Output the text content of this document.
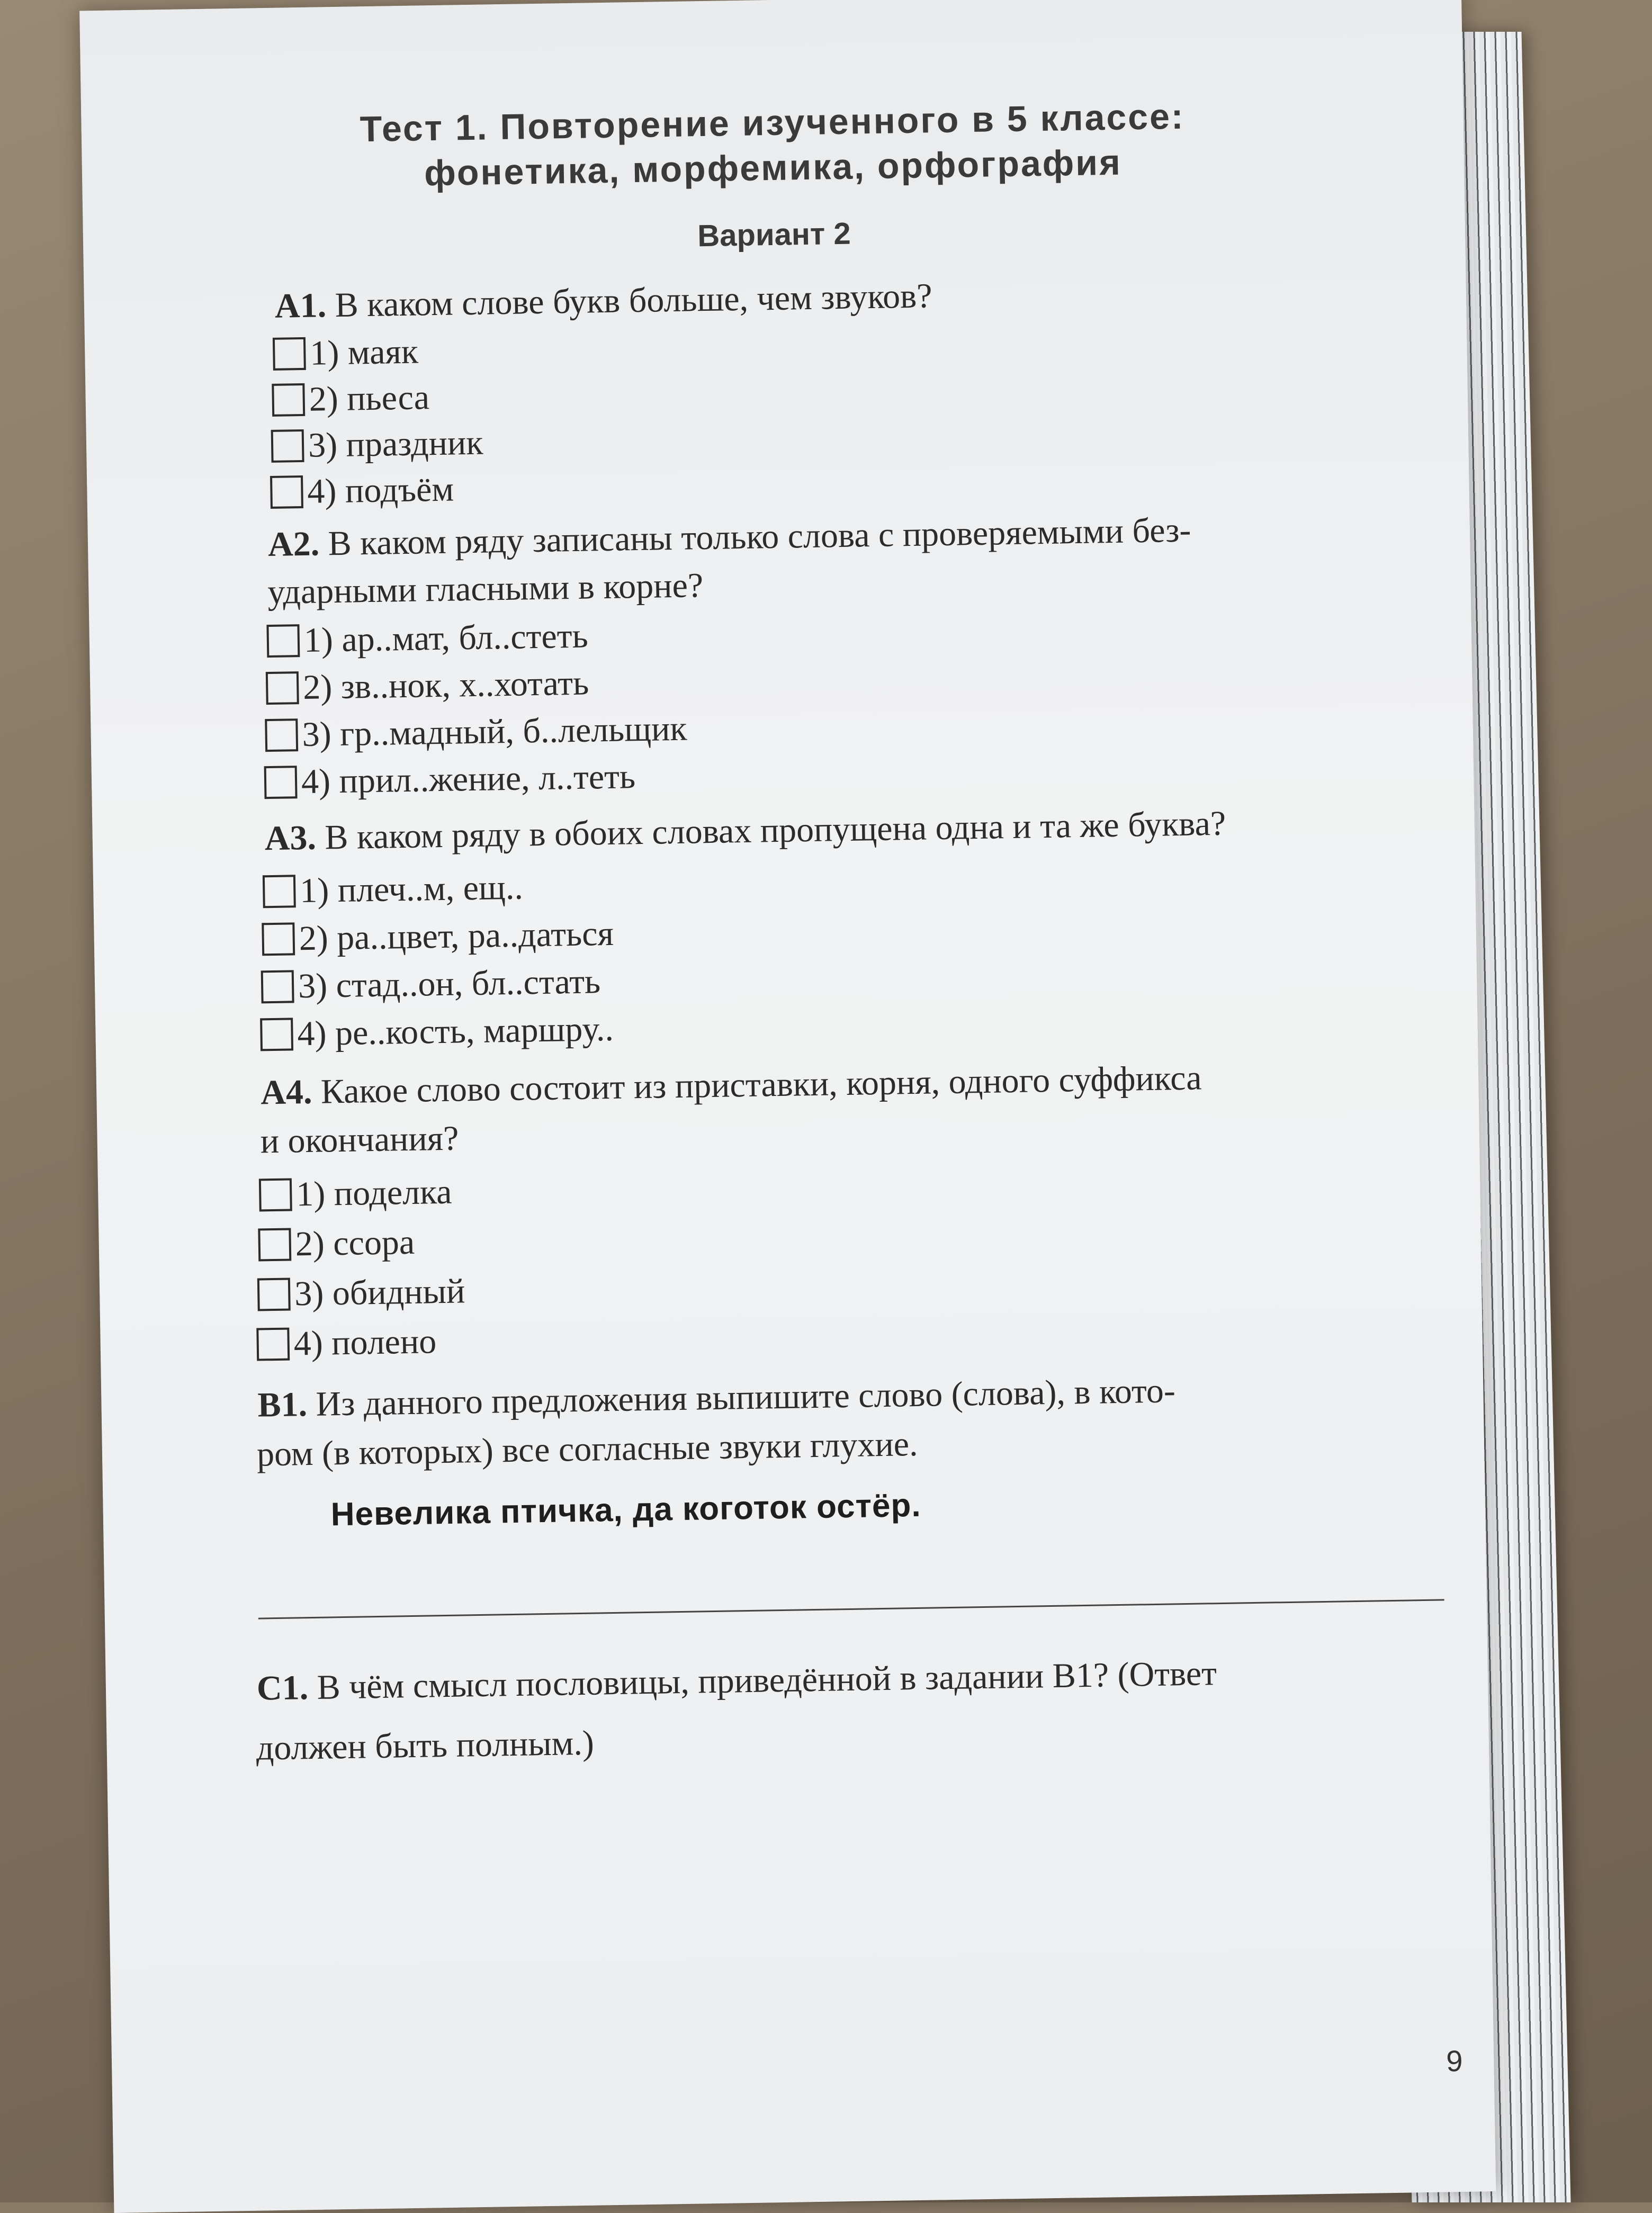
Тест 1. Повторение изученного в 5 классе:
фонетика, морфемика, орфография
Вариант 2
А1. В каком слове букв больше, чем звуков?
1) маяк
2) пьеса
3) праздник
4) подъём
А2. В каком ряду записаны только слова с проверяемыми без-
ударными гласными в корне?
1) ар..мат, бл..стеть
2) зв..нок, х..хотать
3) гр..мадный, б..лельщик
4) прил..жение, л..теть
А3. В каком ряду в обоих словах пропущена одна и та же буква?
1) плеч..м, ещ..
2) ра..цвет, ра..даться
3) стад..он, бл..стать
4) ре..кость, маршру..
А4. Какое слово состоит из приставки, корня, одного суффикса
и окончания?
1) поделка
2) ссора
3) обидный
4) полено
В1. Из данного предложения выпишите слово (слова), в кото-
ром (в которых) все согласные звуки глухие.
Невелика птичка, да коготок остёр.
С1. В чём смысл пословицы, приведённой в задании В1? (Ответ
должен быть полным.)
9
